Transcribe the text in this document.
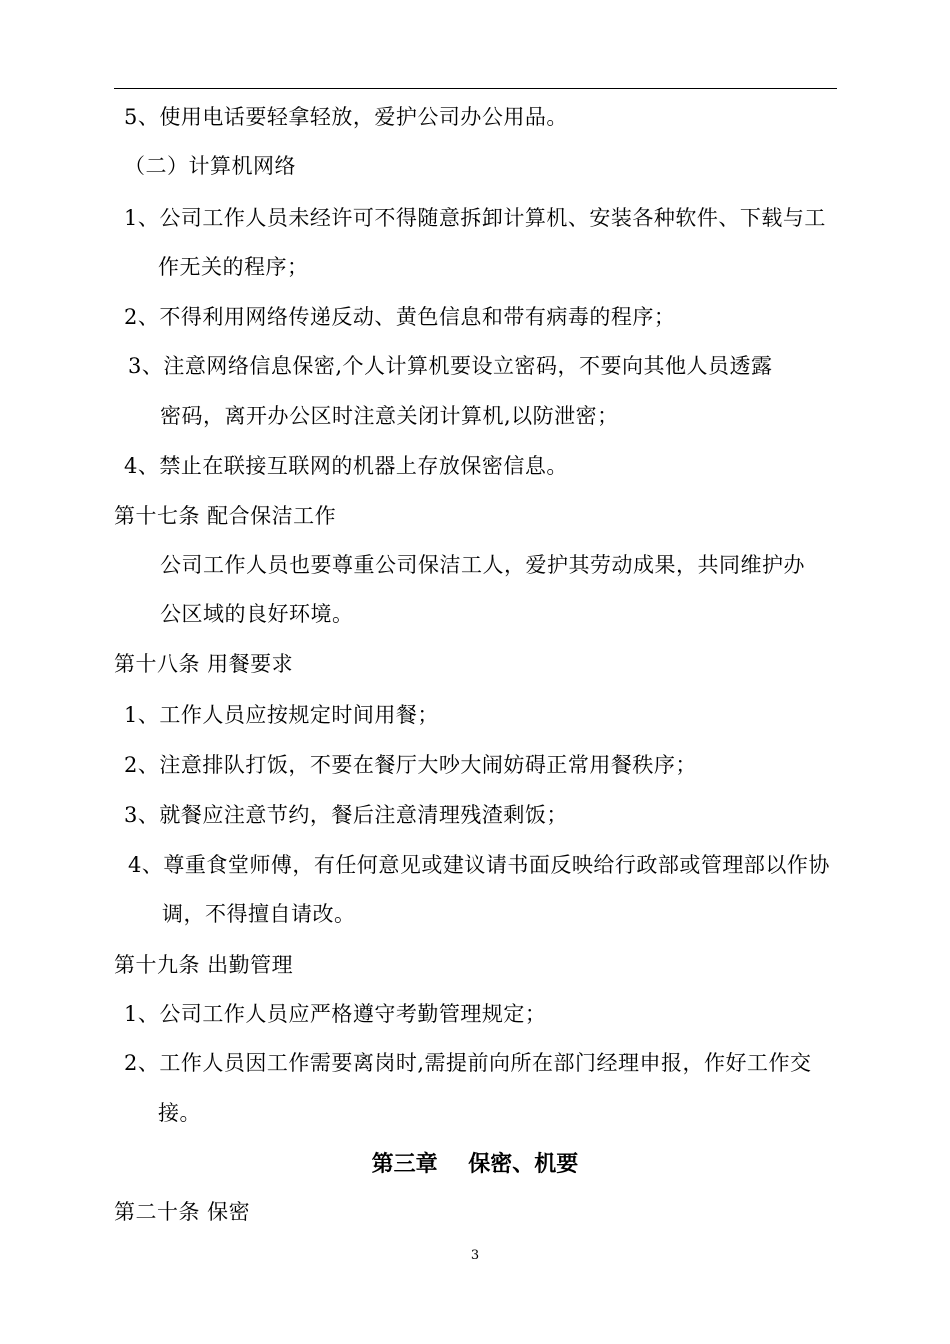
5、使用电话要轻拿轻放，爱护公司办公用品。
（二）计算机网络
1、公司工作人员未经许可不得随意拆卸计算机、安装各种软件、下载与工
作无关的程序；
2、不得利用网络传递反动、黄色信息和带有病毒的程序；
3、注意网络信息保密,个人计算机要设立密码，不要向其他人员透露
密码，离开办公区时注意关闭计算机,以防泄密；
4、禁止在联接互联网的机器上存放保密信息。
第十七条 配合保洁工作
公司工作人员也要尊重公司保洁工人，爱护其劳动成果，共同维护办
公区域的良好环境。
第十八条 用餐要求
1、工作人员应按规定时间用餐；
2、注意排队打饭，不要在餐厅大吵大闹妨碍正常用餐秩序；
3、就餐应注意节约，餐后注意清理残渣剩饭；
4、尊重食堂师傅，有任何意见或建议请书面反映给行政部或管理部以作协
调，不得擅自请改。
第十九条 出勤管理
1、公司工作人员应严格遵守考勤管理规定；
2、工作人员因工作需要离岗时,需提前向所在部门经理申报，作好工作交
接。
第三章    保密、机要
第二十条 保密
3
